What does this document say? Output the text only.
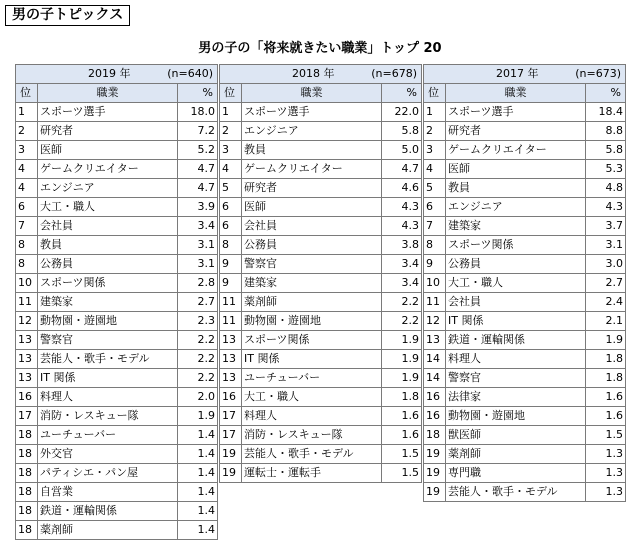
男の子トピックス
男の子の「将来就きたい職業」トップ 20
2019 年 (n=640)		

位	職業	%
1	スポーツ選手	18.0
2	研究者	7.2
3	医師	5.2
4	ゲームクリエイター	4.7
4	エンジニア	4.7
6	大工・職人	3.9
7	会社員	3.4
8	教員	3.1
8	公務員	3.1
10	スポーツ関係	2.8
11	建築家	2.7
12	動物園・遊園地	2.3
13	警察官	2.2
13	芸能人・歌手・モデル	2.2
13	IT 関係	2.2
16	料理人	2.0
17	消防・レスキュー隊	1.9
18	ユーチューバー	1.4
18	外交官	1.4
18	パティシエ・パン屋	1.4
18	自営業	1.4
18	鉄道・運輸関係	1.4
18	薬剤師	1.4
2018 年 (n=678)		

位	職業	%
1	スポーツ選手	22.0
2	エンジニア	5.8
3	教員	5.0
4	ゲームクリエイター	4.7
5	研究者	4.6
6	医師	4.3
6	会社員	4.3
8	公務員	3.8
9	警察官	3.4
9	建築家	3.4
11	薬剤師	2.2
11	動物園・遊園地	2.2
13	スポーツ関係	1.9
13	IT 関係	1.9
13	ユーチューバー	1.9
16	大工・職人	1.8
17	料理人	1.6
17	消防・レスキュー隊	1.6
19	芸能人・歌手・モデル	1.5
19	運転士・運転手	1.5
2017 年 (n=673)		

位	職業	%
1	スポーツ選手	18.4
2	研究者	8.8
3	ゲームクリエイター	5.8
4	医師	5.3
5	教員	4.8
6	エンジニア	4.3
7	建築家	3.7
8	スポーツ関係	3.1
9	公務員	3.0
10	大工・職人	2.7
11	会社員	2.4
12	IT 関係	2.1
13	鉄道・運輸関係	1.9
14	料理人	1.8
14	警察官	1.8
16	法律家	1.6
16	動物園・遊園地	1.6
18	獣医師	1.5
19	薬剤師	1.3
19	専門職	1.3
19	芸能人・歌手・モデル	1.3
